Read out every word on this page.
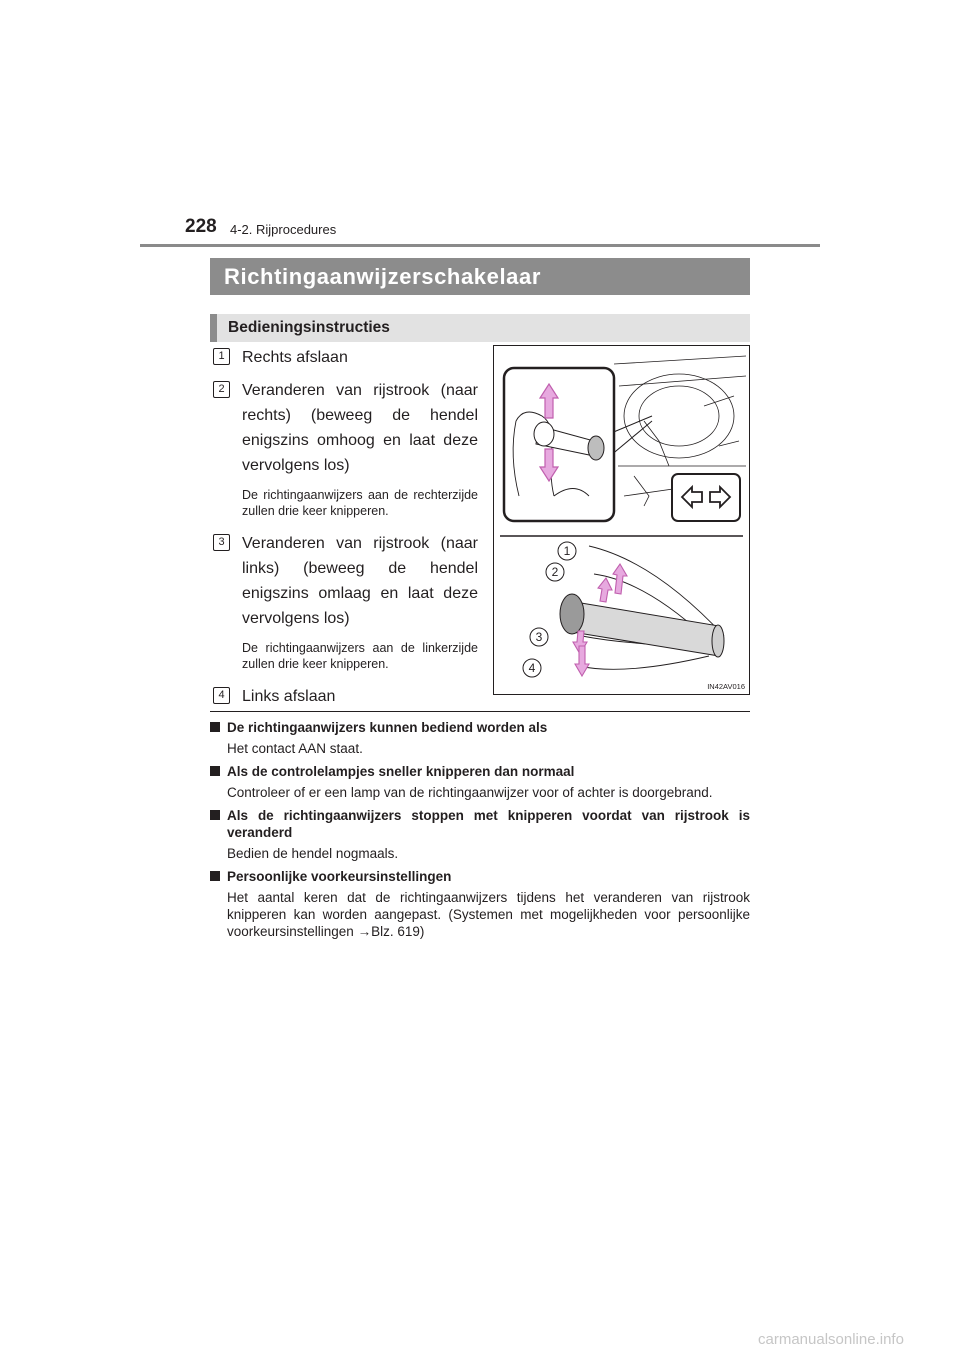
228 4-2. Rijprocedures
Richtingaanwijzerschakelaar
Bedieningsinstructies
1	Rechts afslaan
2	Veranderen van rijstrook (naar rechts) (beweeg de hendel enigszins omhoog en laat deze vervolgens los)
De richtingaanwijzers aan de rechterzijde zullen drie keer knipperen.
3	Veranderen van rijstrook (naar links) (beweeg de hendel enigszins omlaag en laat deze vervolgens los)
De richtingaanwijzers aan de linkerzijde zullen drie keer knipperen.
4	Links afslaan
1
2
3
4
IN42AV016
De richtingaanwijzers kunnen bediend worden als
Het contact AAN staat.
Als de controlelampjes sneller knipperen dan normaal
Controleer of er een lamp van de richtingaanwijzer voor of achter is doorgebrand.
Als de richtingaanwijzers stoppen met knipperen voordat van rijstrook is veranderd
Bedien de hendel nogmaals.
Persoonlijke voorkeursinstellingen
Het aantal keren dat de richtingaanwijzers tijdens het veranderen van rijstrook knipperen kan worden aangepast. (Systemen met mogelijkheden voor persoonlijke voorkeursinstellingen →Blz. 619)
carmanualsonline.info
